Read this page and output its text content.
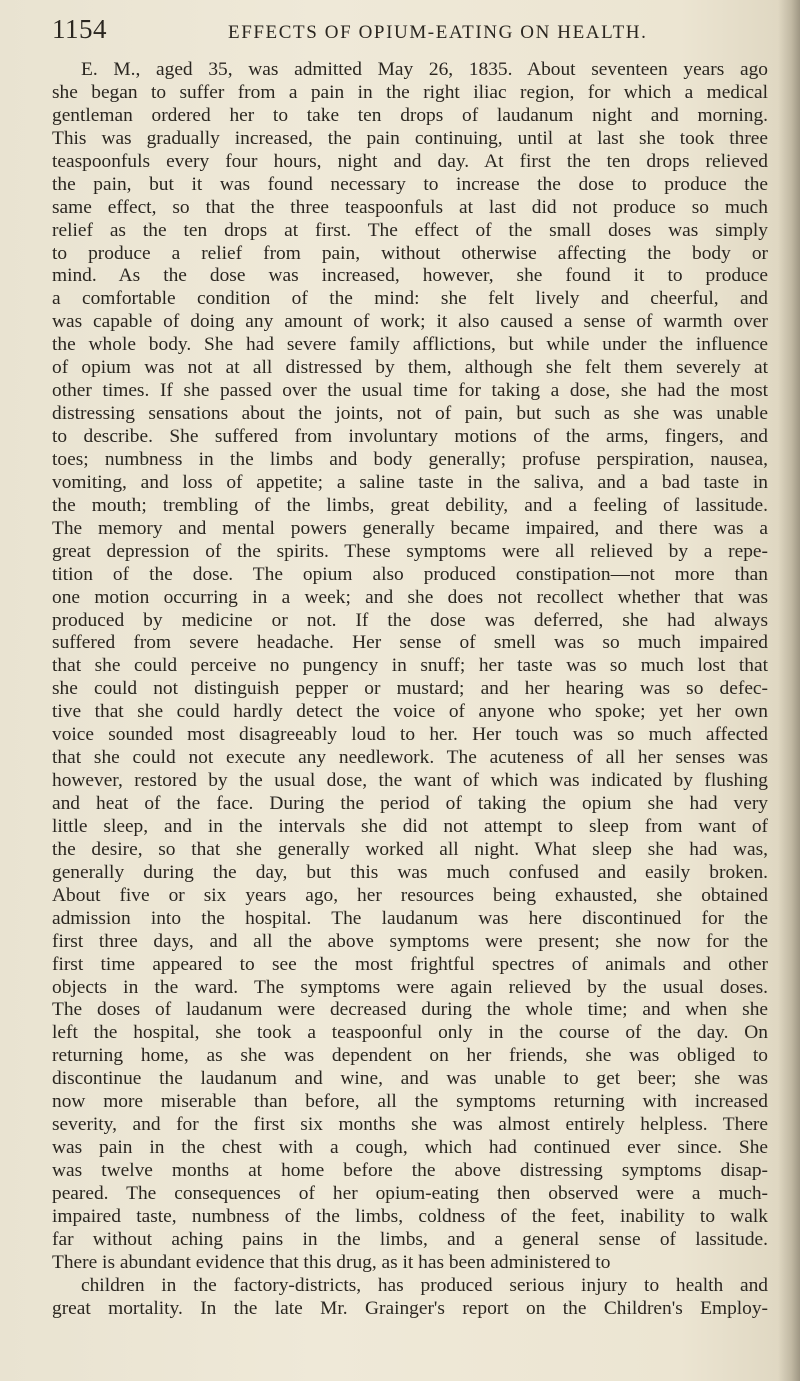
1154	EFFECTS OF OPIUM-EATING ON HEALTH.
E. M., aged 35, was admitted May 26, 1835. About seventeen years ago
she began to suffer from a pain in the right iliac region, for which a medical
gentleman ordered her to take ten drops of laudanum night and morning.
This was gradually increased, the pain continuing, until at last she took three
teaspoonfuls every four hours, night and day. At first the ten drops relieved
the pain, but it was found necessary to increase the dose to produce the
same effect, so that the three teaspoonfuls at last did not produce so much
relief as the ten drops at first. The effect of the small doses was simply
to produce a relief from pain, without otherwise affecting the body or
mind. As the dose was increased, however, she found it to produce
a comfortable condition of the mind: she felt lively and cheerful, and
was capable of doing any amount of work; it also caused a sense of warmth over
the whole body. She had severe family afflictions, but while under the influence
of opium was not at all distressed by them, although she felt them severely at
other times. If she passed over the usual time for taking a dose, she had the most
distressing sensations about the joints, not of pain, but such as she was unable
to describe. She suffered from involuntary motions of the arms, fingers, and
toes; numbness in the limbs and body generally; profuse perspiration, nausea,
vomiting, and loss of appetite; a saline taste in the saliva, and a bad taste in
the mouth; trembling of the limbs, great debility, and a feeling of lassitude.
The memory and mental powers generally became impaired, and there was a
great depression of the spirits. These symptoms were all relieved by a repe-
tition of the dose. The opium also produced constipation—not more than
one motion occurring in a week; and she does not recollect whether that was
produced by medicine or not. If the dose was deferred, she had always
suffered from severe headache. Her sense of smell was so much impaired
that she could perceive no pungency in snuff; her taste was so much lost that
she could not distinguish pepper or mustard; and her hearing was so defec-
tive that she could hardly detect the voice of anyone who spoke; yet her own
voice sounded most disagreeably loud to her. Her touch was so much affected
that she could not execute any needlework. The acuteness of all her senses was
however, restored by the usual dose, the want of which was indicated by flushing
and heat of the face. During the period of taking the opium she had very
little sleep, and in the intervals she did not attempt to sleep from want of
the desire, so that she generally worked all night. What sleep she had was,
generally during the day, but this was much confused and easily broken.
About five or six years ago, her resources being exhausted, she obtained
admission into the hospital. The laudanum was here discontinued for the
first three days, and all the above symptoms were present; she now for the
first time appeared to see the most frightful spectres of animals and other
objects in the ward. The symptoms were again relieved by the usual doses.
The doses of laudanum were decreased during the whole time; and when she
left the hospital, she took a teaspoonful only in the course of the day. On
returning home, as she was dependent on her friends, she was obliged to
discontinue the laudanum and wine, and was unable to get beer; she was
now more miserable than before, all the symptoms returning with increased
severity, and for the first six months she was almost entirely helpless. There
was pain in the chest with a cough, which had continued ever since. She
was twelve months at home before the above distressing symptoms disap-
peared. The consequences of her opium-eating then observed were a much-
impaired taste, numbness of the limbs, coldness of the feet, inability to walk
far without aching pains in the limbs, and a general sense of lassitude.
There is abundant evidence that this drug, as it has been administered to
children in the factory-districts, has produced serious injury to health and
great mortality. In the late Mr. Grainger's report on the Children's Employ-
